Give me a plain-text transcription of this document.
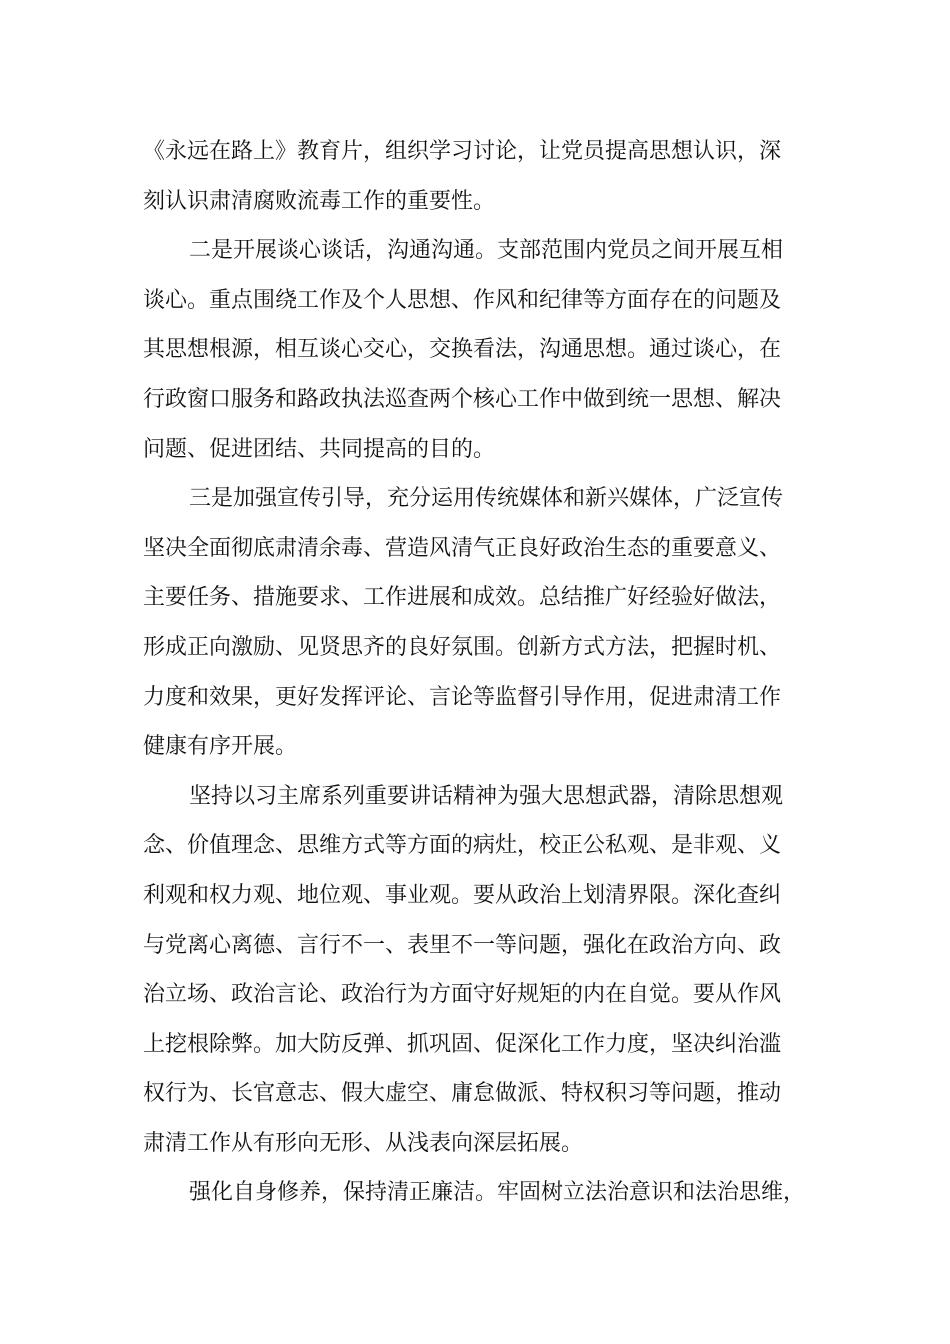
《永远在路上》教育片，组织学习讨论，让党员提高思想认识，深
刻认识肃清腐败流毒工作的重要性。
二是开展谈心谈话，沟通沟通。支部范围内党员之间开展互相
谈心。重点围绕工作及个人思想、作风和纪律等方面存在的问题及
其思想根源，相互谈心交心，交换看法，沟通思想。通过谈心，在
行政窗口服务和路政执法巡查两个核心工作中做到统一思想、解决
问题、促进团结、共同提高的目的。
三是加强宣传引导，充分运用传统媒体和新兴媒体，广泛宣传
坚决全面彻底肃清余毒、营造风清气正良好政治生态的重要意义、
主要任务、措施要求、工作进展和成效。总结推广好经验好做法，
形成正向激励、见贤思齐的良好氛围。创新方式方法，把握时机、
力度和效果，更好发挥评论、言论等监督引导作用，促进肃清工作
健康有序开展。
坚持以习主席系列重要讲话精神为强大思想武器，清除思想观
念、价值理念、思维方式等方面的病灶，校正公私观、是非观、义
利观和权力观、地位观、事业观。要从政治上划清界限。深化查纠
与党离心离德、言行不一、表里不一等问题，强化在政治方向、政
治立场、政治言论、政治行为方面守好规矩的内在自觉。要从作风
上挖根除弊。加大防反弹、抓巩固、促深化工作力度，坚决纠治滥
权行为、长官意志、假大虚空、庸怠做派、特权积习等问题，推动
肃清工作从有形向无形、从浅表向深层拓展。
强化自身修养，保持清正廉洁。牢固树立法治意识和法治思维，
